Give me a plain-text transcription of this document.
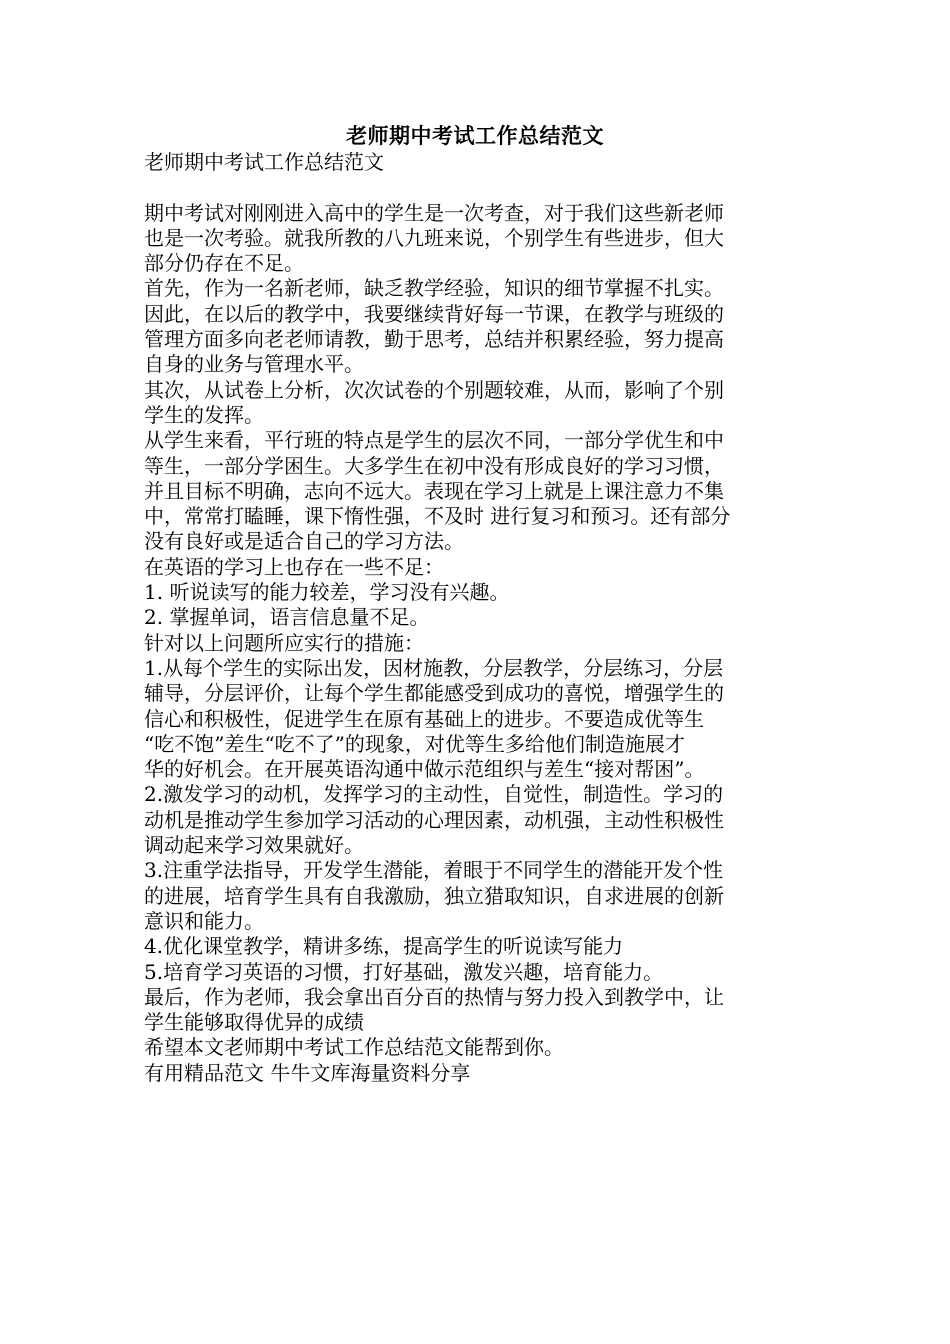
老师期中考试工作总结范文

老师期中考试工作总结范文

期中考试对刚刚进入高中的学生是一次考查，对于我们这些新老师

也是一次考验。就我所教的八九班来说，个别学生有些进步，但大

部分仍存在不足。

首先，作为一名新老师，缺乏教学经验，知识的细节掌握不扎实。

因此，在以后的教学中，我要继续背好每一节课，在教学与班级的

管理方面多向老老师请教，勤于思考，总结并积累经验，努力提高

自身的业务与管理水平。

其次，从试卷上分析，次次试卷的个别题较难，从而，影响了个别

学生的发挥。

从学生来看，平行班的特点是学生的层次不同，一部分学优生和中

等生，一部分学困生。大多学生在初中没有形成良好的学习习惯，

并且目标不明确，志向不远大。表现在学习上就是上课注意力不集

中，常常打瞌睡，课下惰性强，不及时 进行复习和预习。还有部分

没有良好或是适合自己的学习方法。

在英语的学习上也存在一些不足：

1. 听说读写的能力较差，学习没有兴趣。

2. 掌握单词，语言信息量不足。

针对以上问题所应实行的措施：

1.从每个学生的实际出发，因材施教，分层教学，分层练习，分层

辅导，分层评价，让每个学生都能感受到成功的喜悦，增强学生的

信心和积极性，促进学生在原有基础上的进步。不要造成优等生

“吃不饱”差生“吃不了”的现象，对优等生多给他们制造施展才

华的好机会。在开展英语沟通中做示范组织与差生“接对帮困”。

2.激发学习的动机，发挥学习的主动性，自觉性，制造性。学习的

动机是推动学生参加学习活动的心理因素，动机强，主动性积极性

调动起来学习效果就好。

3.注重学法指导，开发学生潜能，着眼于不同学生的潜能开发个性

的进展，培育学生具有自我激励，独立猎取知识，自求进展的创新

意识和能力。

4.优化课堂教学，精讲多练，提高学生的听说读写能力

5.培育学习英语的习惯，打好基础，激发兴趣，培育能力。

最后，作为老师，我会拿出百分百的热情与努力投入到教学中，让

学生能够取得优异的成绩

希望本文老师期中考试工作总结范文能帮到你。

有用精品范文 牛牛文库海量资料分享
